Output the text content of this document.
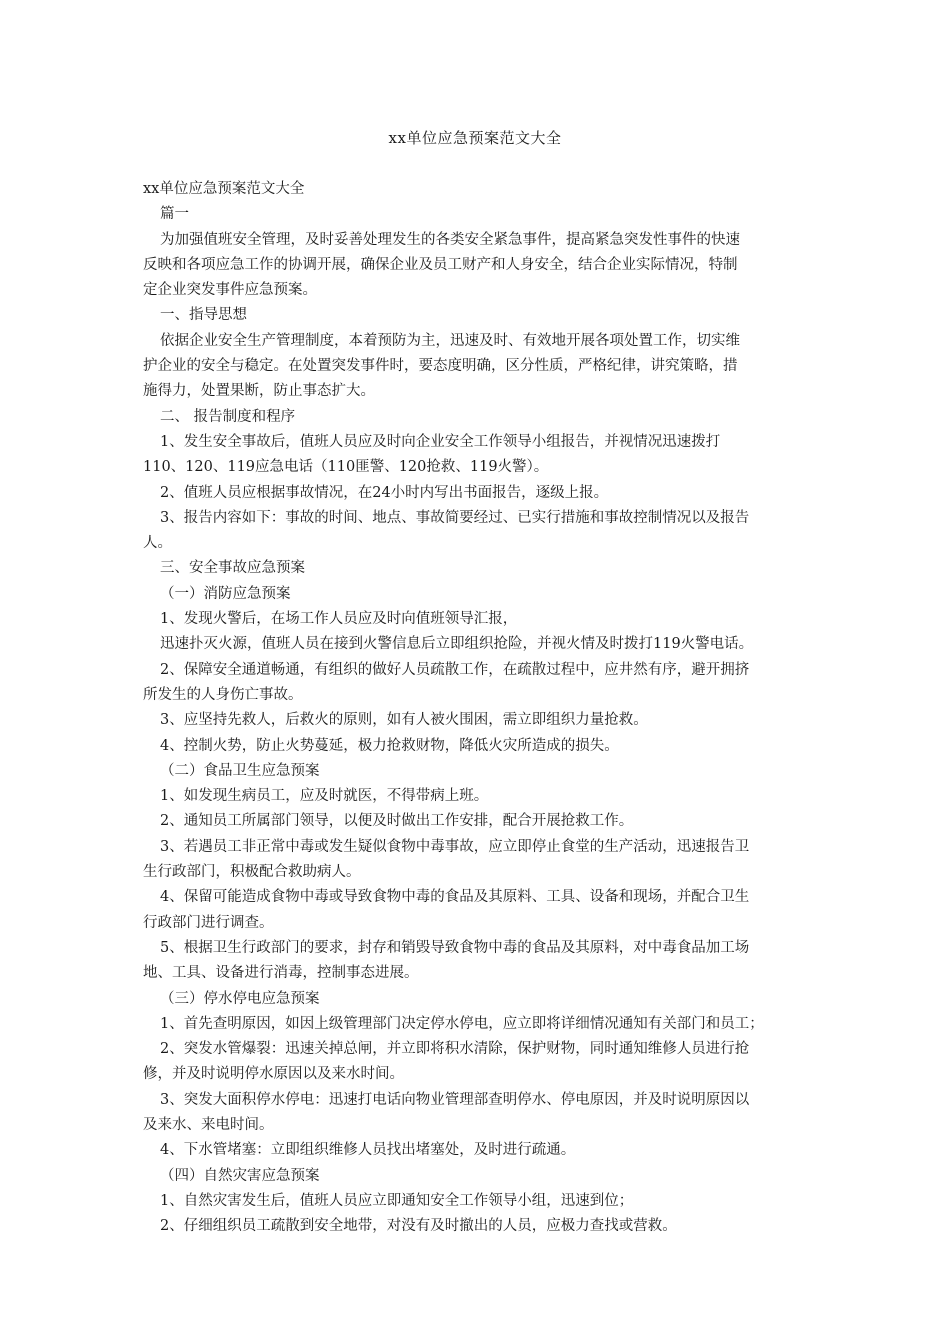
xx单位应急预案范文大全

xx单位应急预案范文大全

篇一

为加强值班安全管理，及时妥善处理发生的各类安全紧急事件，提高紧急突发性事件的快速

反映和各项应急工作的协调开展，确保企业及员工财产和人身安全，结合企业实际情况，特制

定企业突发事件应急预案。

一、指导思想

依据企业安全生产管理制度，本着预防为主，迅速及时、有效地开展各项处置工作，切实维

护企业的安全与稳定。在处置突发事件时，要态度明确，区分性质，严格纪律，讲究策略，措

施得力，处置果断，防止事态扩大。

二、 报告制度和程序

1、发生安全事故后，值班人员应及时向企业安全工作领导小组报告，并视情况迅速拨打

110、120、119应急电话（110匪警、120抢救、119火警）。

2、值班人员应根据事故情况，在24小时内写出书面报告，逐级上报。

3、报告内容如下：事故的时间、地点、事故简要经过、已实行措施和事故控制情况以及报告

人。

三、安全事故应急预案

（一）消防应急预案

1、发现火警后，在场工作人员应及时向值班领导汇报，

迅速扑灭火源，值班人员在接到火警信息后立即组织抢险，并视火情及时拨打119火警电话。

2、保障安全通道畅通，有组织的做好人员疏散工作，在疏散过程中，应井然有序，避开拥挤

所发生的人身伤亡事故。

3、应坚持先救人，后救火的原则，如有人被火围困，需立即组织力量抢救。

4、控制火势，防止火势蔓延，极力抢救财物，降低火灾所造成的损失。

（二）食品卫生应急预案

1、如发现生病员工，应及时就医，不得带病上班。

2、通知员工所属部门领导，以便及时做出工作安排，配合开展抢救工作。

3、若遇员工非正常中毒或发生疑似食物中毒事故，应立即停止食堂的生产活动，迅速报告卫

生行政部门，积极配合救助病人。

4、保留可能造成食物中毒或导致食物中毒的食品及其原料、工具、设备和现场，并配合卫生

行政部门进行调查。

5、根据卫生行政部门的要求，封存和销毁导致食物中毒的食品及其原料，对中毒食品加工场

地、工具、设备进行消毒，控制事态进展。

（三）停水停电应急预案

1、首先查明原因，如因上级管理部门决定停水停电，应立即将详细情况通知有关部门和员工；

2、突发水管爆裂：迅速关掉总闸，并立即将积水清除，保护财物，同时通知维修人员进行抢

修，并及时说明停水原因以及来水时间。

3、突发大面积停水停电：迅速打电话向物业管理部查明停水、停电原因，并及时说明原因以

及来水、来电时间。

4、下水管堵塞：立即组织维修人员找出堵塞处，及时进行疏通。

（四）自然灾害应急预案

1、自然灾害发生后，值班人员应立即通知安全工作领导小组，迅速到位；

2、仔细组织员工疏散到安全地带，对没有及时撤出的人员，应极力查找或营救。
